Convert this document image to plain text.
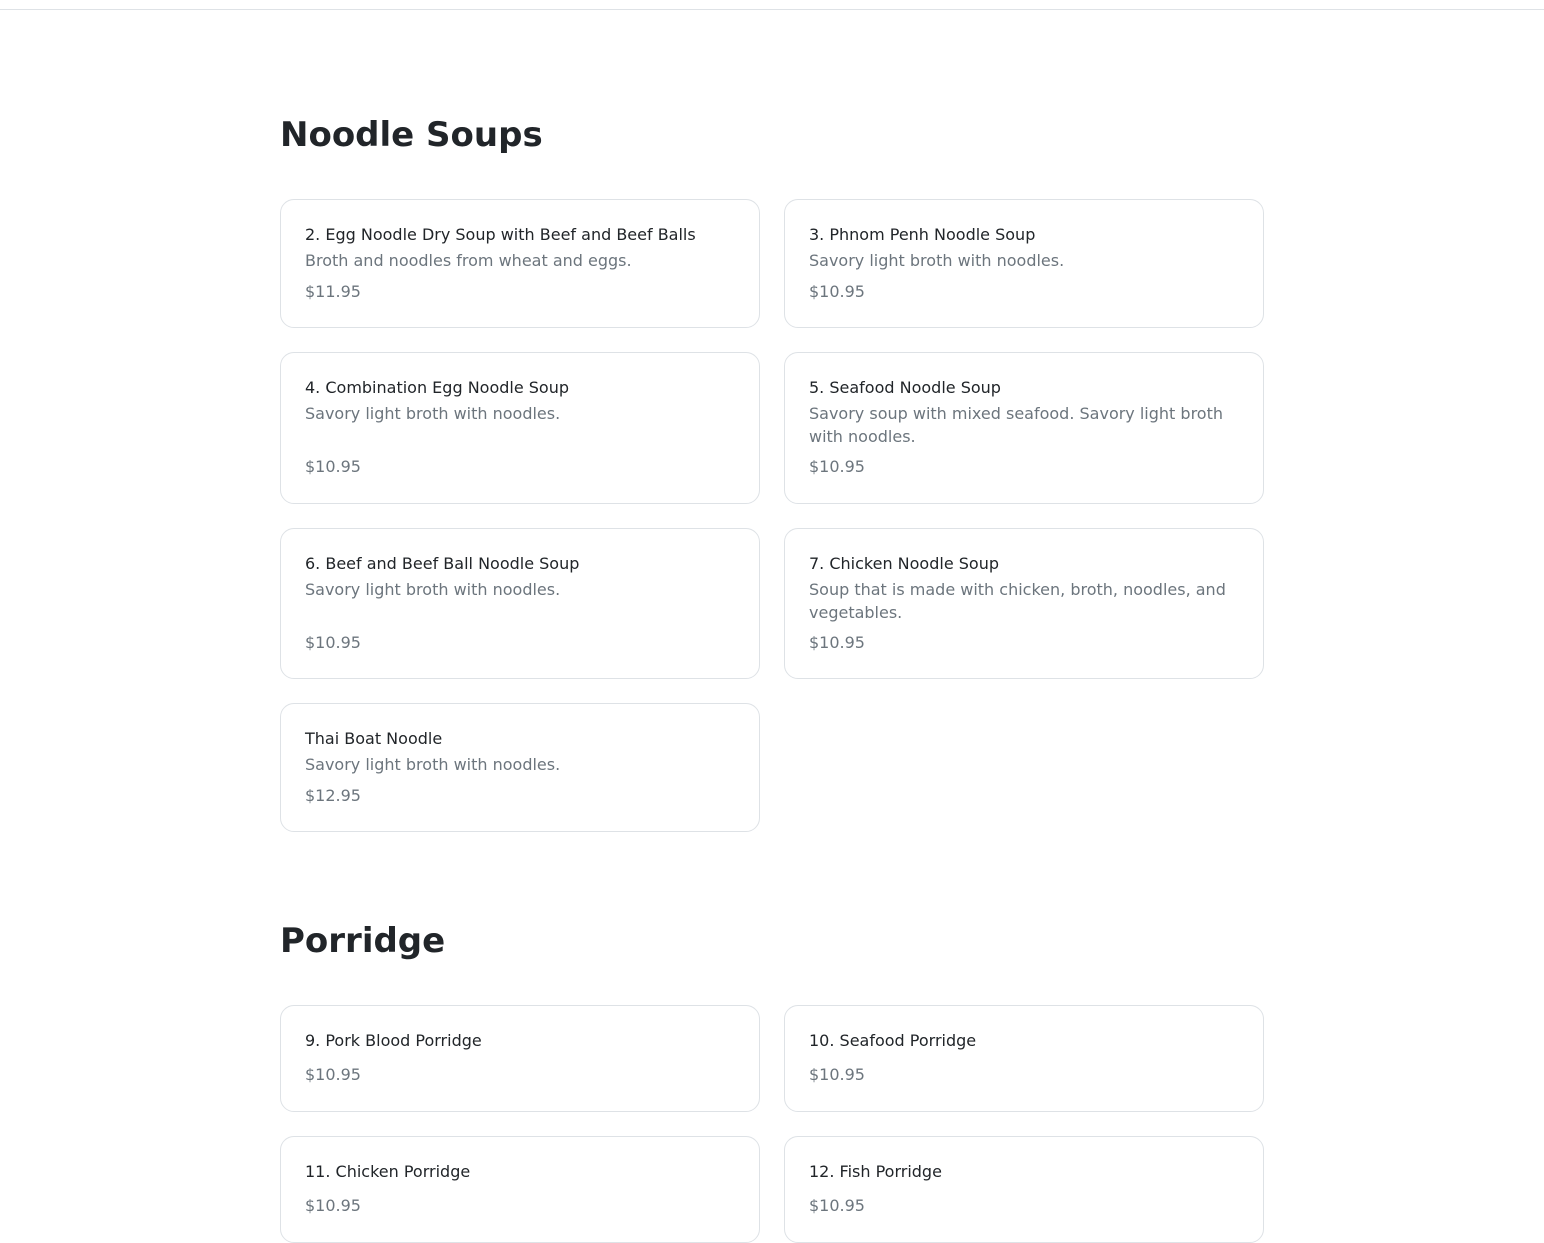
Noodle Soups
2. Egg Noodle Dry Soup with Beef and Beef Balls
Broth and noodles from wheat and eggs.
$11.95
3. Phnom Penh Noodle Soup
Savory light broth with noodles.
$10.95
4. Combination Egg Noodle Soup
Savory light broth with noodles.
$10.95
5. Seafood Noodle Soup
Savory soup with mixed seafood. Savory light broth with noodles.
$10.95
6. Beef and Beef Ball Noodle Soup
Savory light broth with noodles.
$10.95
7. Chicken Noodle Soup
Soup that is made with chicken, broth, noodles, and vegetables.
$10.95
Thai Boat Noodle
Savory light broth with noodles.
$12.95
Porridge
9. Pork Blood Porridge
$10.95
10. Seafood Porridge
$10.95
11. Chicken Porridge
$10.95
12. Fish Porridge
$10.95
